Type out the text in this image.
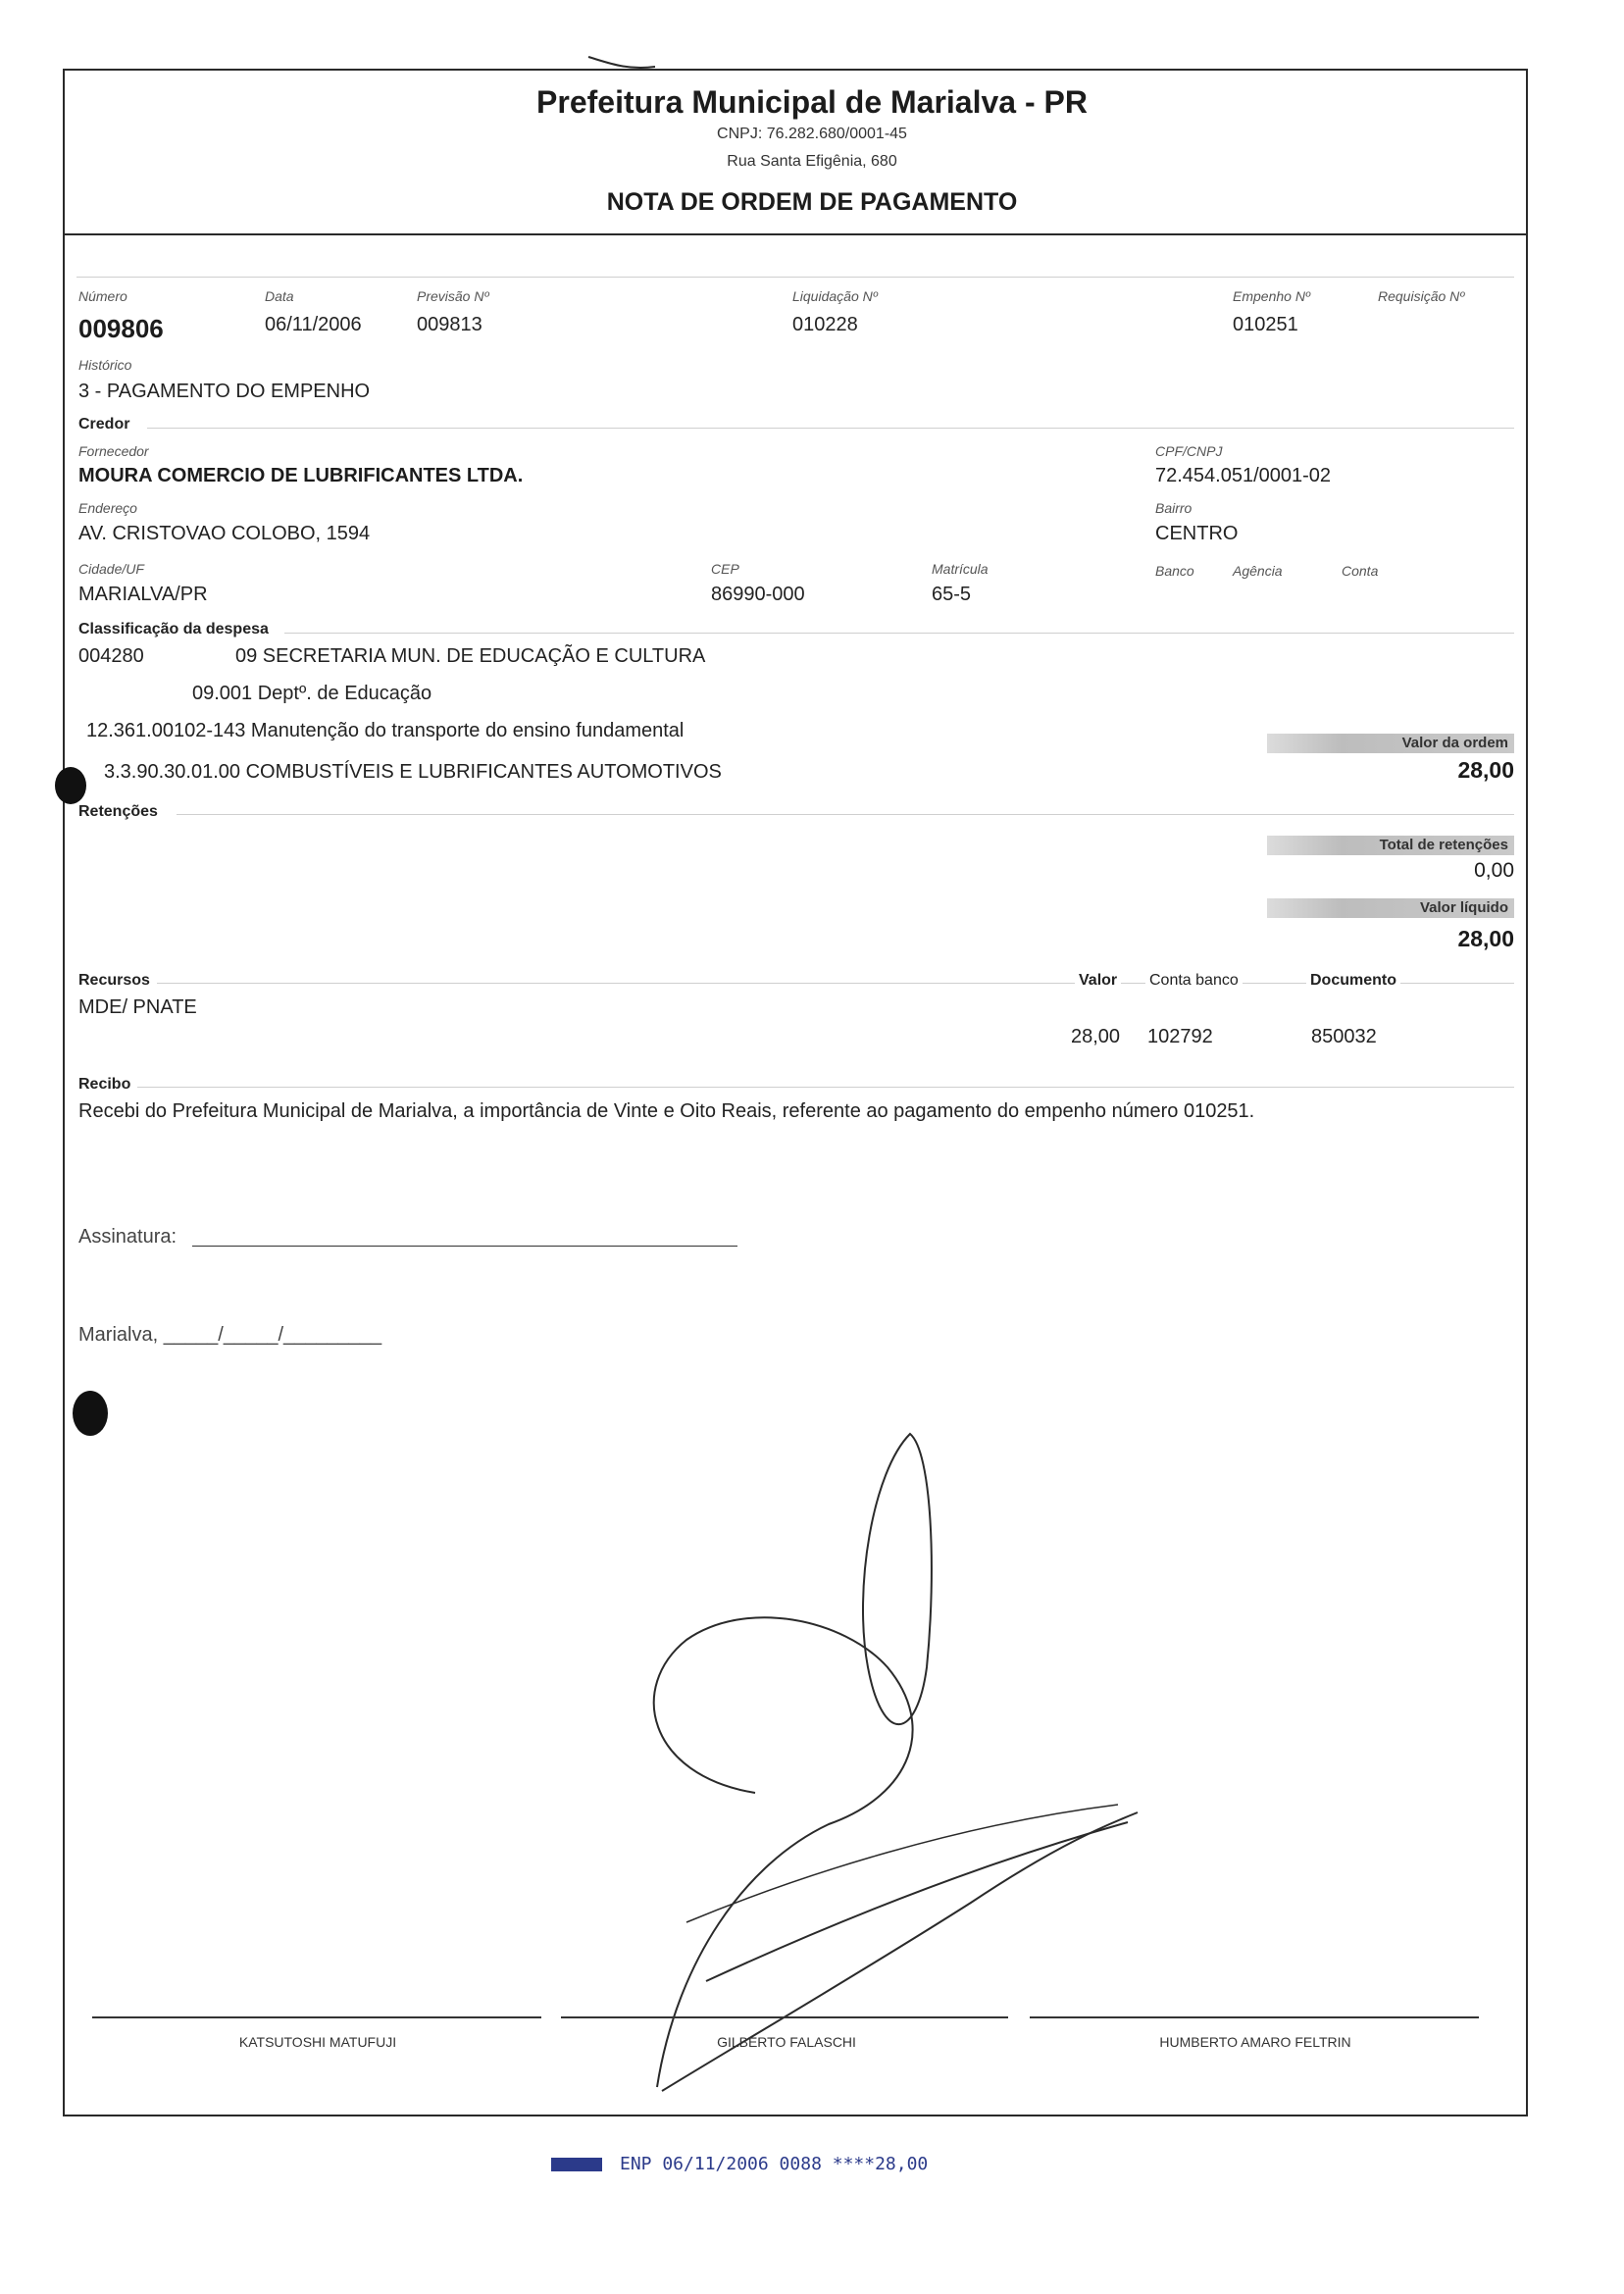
Prefeitura Municipal de Marialva - PR
CNPJ: 76.282.680/0001-45
Rua Santa Efigênia, 680
NOTA DE ORDEM DE PAGAMENTO
Número
009806
Data
06/11/2006
Previsão Nº
009813
Liquidação Nº
010228
Empenho Nº
010251
Requisição Nº
Histórico
3 - PAGAMENTO DO EMPENHO
Credor
Fornecedor
MOURA COMERCIO DE LUBRIFICANTES LTDA.
CPF/CNPJ
72.454.051/0001-02
Endereço
AV. CRISTOVAO COLOBO, 1594
Bairro
CENTRO
Cidade/UF
MARIALVA/PR
CEP
86990-000
Matrícula
65-5
Banco	Agência	Conta
Classificação da despesa
004280	09 SECRETARIA MUN. DE EDUCAÇÃO E CULTURA
09.001 Deptº. de Educação
12.361.00102-143 Manutenção do transporte do ensino fundamental
3.3.90.30.01.00 COMBUSTÍVEIS E LUBRIFICANTES AUTOMOTIVOS
Valor da ordem
28,00
Retenções
Total de retenções
0,00
Valor líquido
28,00
Recursos
MDE/ PNATE
Valor Conta banco	Documento
28,00 102792	850032
Recibo
Recebi do Prefeitura Municipal de Marialva, a importância de Vinte e Oito Reais, referente ao pagamento do empenho número 010251.
Assinatura:
Marialva, _____/_____/_________
KATSUTOSHI MATUFUJI	GILBERTO FALASCHI	HUMBERTO AMARO FELTRIN
ENP 06/11/2006 0088 ****28,00
